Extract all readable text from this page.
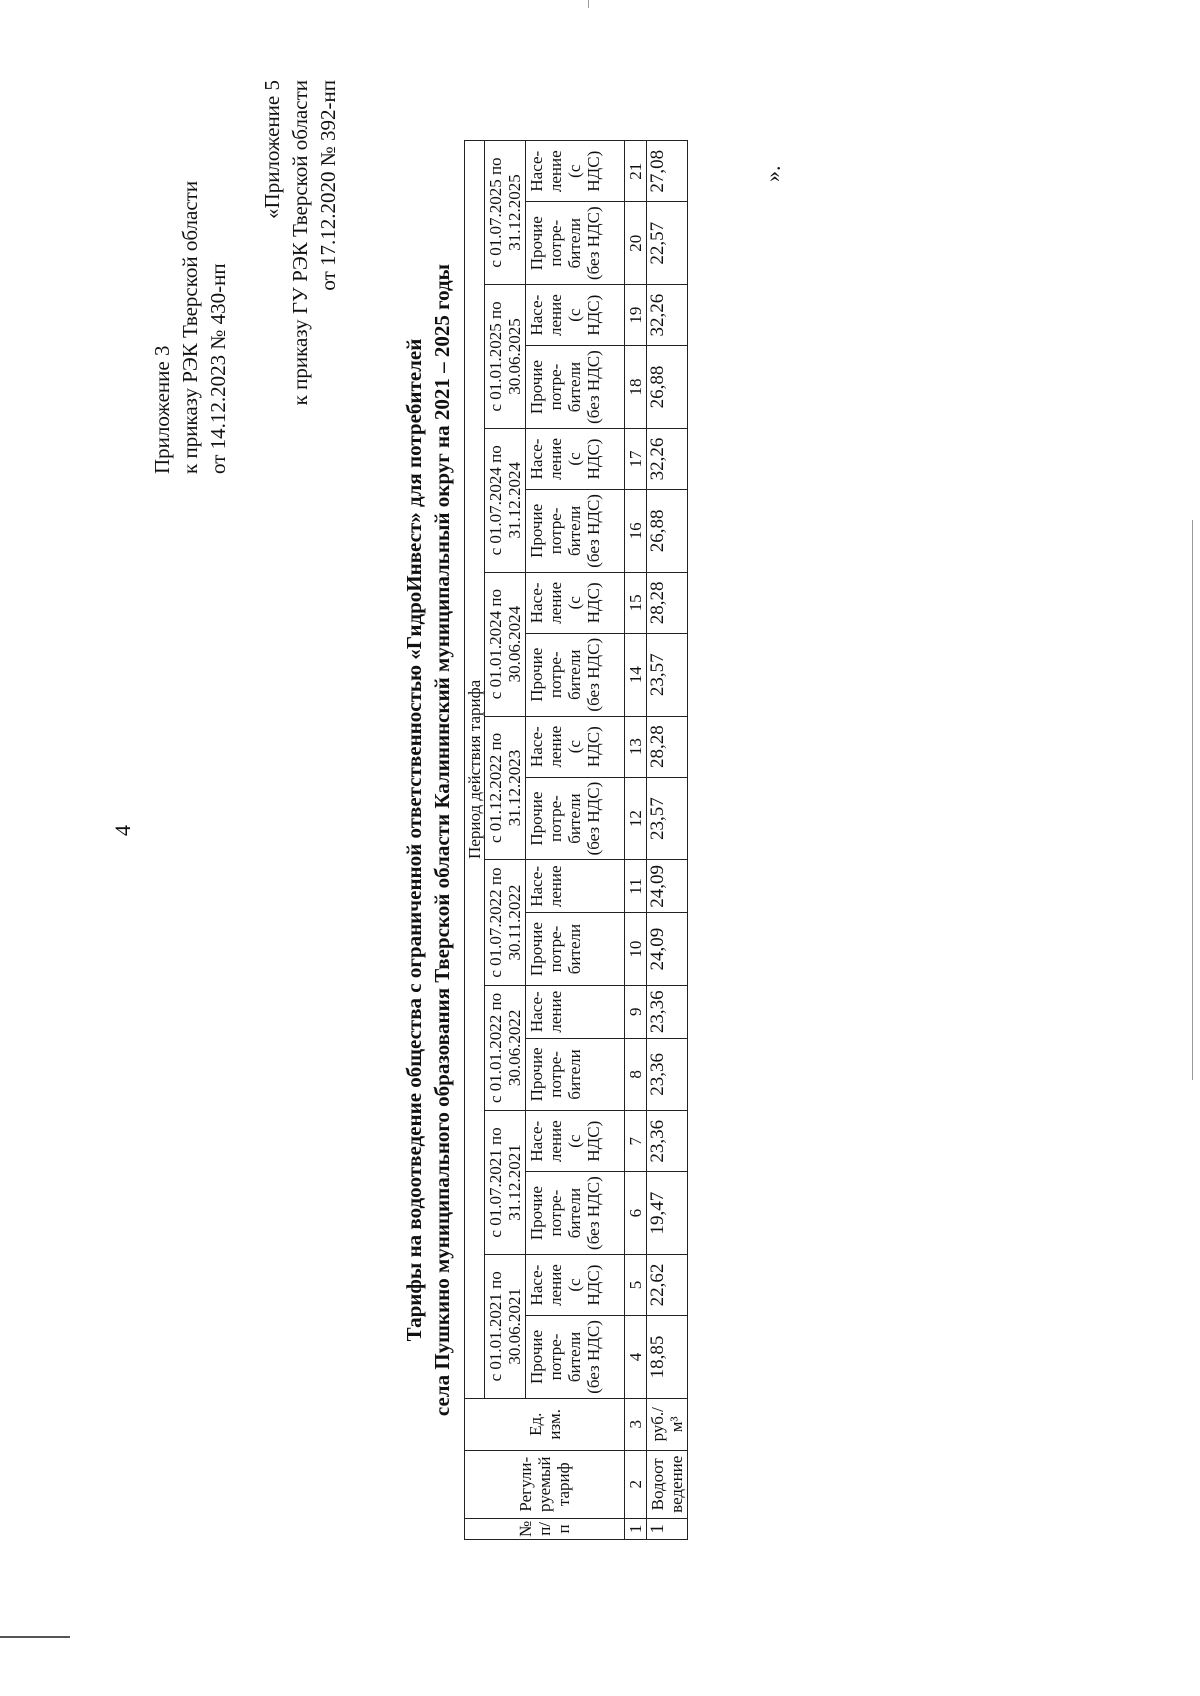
4
Приложение 3 к приказу РЭК Тверской области от 14.12.2023 № 430-нп
«Приложение 5 к приказу ГУ РЭК Тверской области от 17.12.2020 № 392-нп
Тарифы на водоотведение общества с ограниченной ответственностью «ГидроИнвест» для потребителей села Пушкино муниципального образования Тверской области Калининский муниципальный округ на 2021 – 2025 годы
№ п/п	Регули-руемый тариф	Ед. изм.	Период действия тарифа																	
			с 01.01.2021 по 30.06.2021		с 01.07.2021 по 31.12.2021		с 01.01.2022 по 30.06.2022		с 01.07.2022 по 30.11.2022		с 01.12.2022 по 31.12.2023		с 01.01.2024 по 30.06.2024		с 01.07.2024 по 31.12.2024		с 01.01.2025 по 30.06.2025		с 01.07.2025 по 31.12.2025	
			Прочие потре-бители (без НДС)	Насе-ление (с НДС)	Прочие потре-бители (без НДС)	Насе-ление (с НДС)	Прочие потре-бители	Насе-ление	Прочие потре-бители	Насе-ление	Прочие потре-бители (без НДС)	Насе-ление (с НДС)	Прочие потре-бители (без НДС)	Насе-ление (с НДС)	Прочие потре-бители (без НДС)	Насе-ление (с НДС)	Прочие потре-бители (без НДС)	Насе-ление (с НДС)	Прочие потре-бители (без НДС)	Насе-ление (с НДС)
1	2	3	4	5	6	7	8	9	10	11	12	13	14	15	16	17	18	19	20	21
1	Водоот ведение	руб./м³	18,85	22,62	19,47	23,36	23,36	23,36	24,09	24,09	23,57	28,28	23,57	28,28	26,88	32,26	26,88	32,26	22,57	27,08	».
